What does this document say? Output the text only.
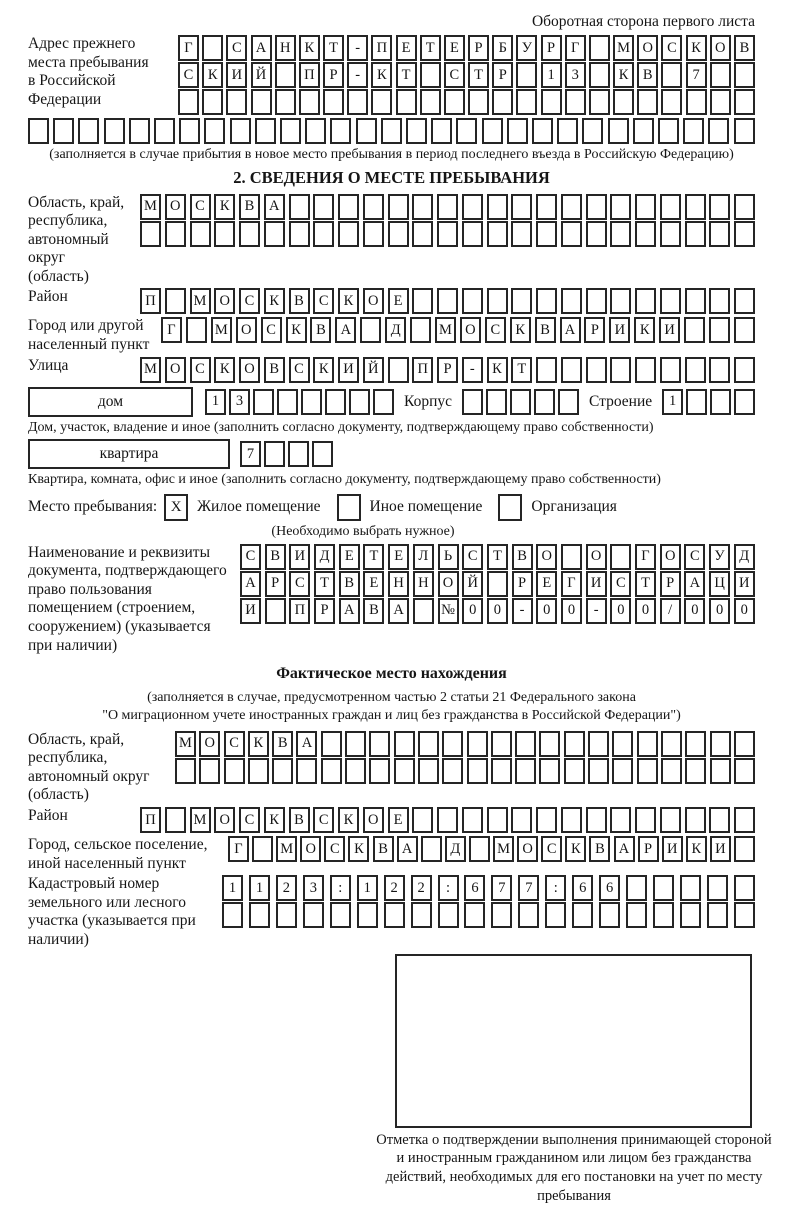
Оборотная сторона первого листа
Адрес прежнего места пребывания в Российской Федерации
Г	С А Н К	Т	-	П	Е	Т	Е	Р	Б	У	Р	Г	М О С	К О В
С	К И Й	П	Р	-	К	Т	С	Т	Р	1	3	К	В	7
(заполняется в случае прибытия в новое место пребывания в период последнего въезда в Российскую Федерацию)
2. СВЕДЕНИЯ О МЕСТЕ ПРЕБЫВАНИЯ
Область, край, республика, автономный округ (область)
М О	С	К	В	А
Район	П	М О	С	К	В	С	К	О	Е
Город или другой населенный пункт
Г	М О	С	К	В	А	Д	М О	С	К	В	А	Р	И	К	И
Улица	М О	С	К	О	В	С	К	И Й	П	Р	-	К	Т
дом	1	3	Корпус	Строение	1
Дом, участок, владение и иное (заполнить согласно документу, подтверждающему право собственности)
квартира	7
Квартира, комната, офис и иное (заполнить согласно документу, подтверждающему право собственности)
Место пребывания: X	Жилое помещение	Иное помещение	Организация
(Необходимо выбрать нужное)
Наименование и реквизиты документа, подтверждающего право пользования помещением (строением, сооружением) (указывается при наличии)
С	В	И	Д	Е	Т	Е	Л	Ь	С	Т	В	О	О	Г	О	С	У	Д
А	Р	С	Т	В	Е	Н Н О Й	Р	Е	Г	И	С	Т	Р	А Ц И
И	П	Р	А	В	А	№ 0	0	-	0	0	-	0	0	/	0	0	0
Фактическое место нахождения
(заполняется в случае, предусмотренном частью 2 статьи 21 Федерального закона
"О миграционном учете иностранных граждан и лиц без гражданства в Российской Федерации")
Область, край, республика, автономный округ (область)
М О С	К	В А
Район	П	М О	С	К	В	С	К	О	Е
Город, сельское поселение, иной населенный пункт
Г	М О С К В А	Д	М О С К В А	Р	И К И
Кадастровый номер земельного или лесного участка (указывается при наличии)
1	1	2	3	:	1	2	2	:	6	7	7	:	6	6
Отметка о подтверждении выполнения принимающей стороной и иностранным гражданином или лицом без гражданства действий, необходимых для его постановки на учет по месту пребывания
